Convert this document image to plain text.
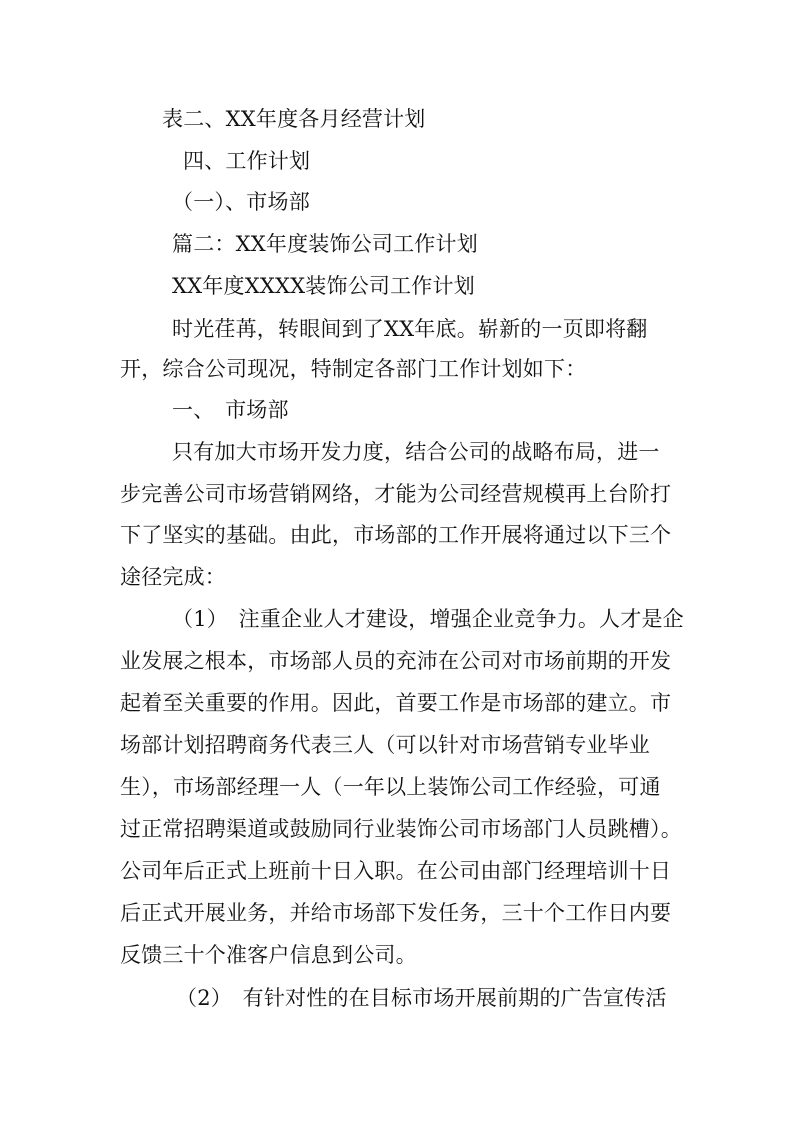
表二、XX年度各月经营计划
四、工作计划
（一）、市场部
篇二：XX年度装饰公司工作计划
XX年度XXXX装饰公司工作计划
时光荏苒，转眼间到了XX年底。崭新的一页即将翻
开，综合公司现况，特制定各部门工作计划如下：
一、　市场部
只有加大市场开发力度，结合公司的战略布局，进一
步完善公司市场营销网络，才能为公司经营规模再上台阶打
下了坚实的基础。由此，市场部的工作开展将通过以下三个
途径完成：
（1）　注重企业人才建设，增强企业竞争力。人才是企
业发展之根本，市场部人员的充沛在公司对市场前期的开发
起着至关重要的作用。因此，首要工作是市场部的建立。市
场部计划招聘商务代表三人（可以针对市场营销专业毕业
生），市场部经理一人（一年以上装饰公司工作经验，可通
过正常招聘渠道或鼓励同行业装饰公司市场部门人员跳槽）。
公司年后正式上班前十日入职。在公司由部门经理培训十日
后正式开展业务，并给市场部下发任务，三十个工作日内要
反馈三十个准客户信息到公司。
（2）　有针对性的在目标市场开展前期的广告宣传活
